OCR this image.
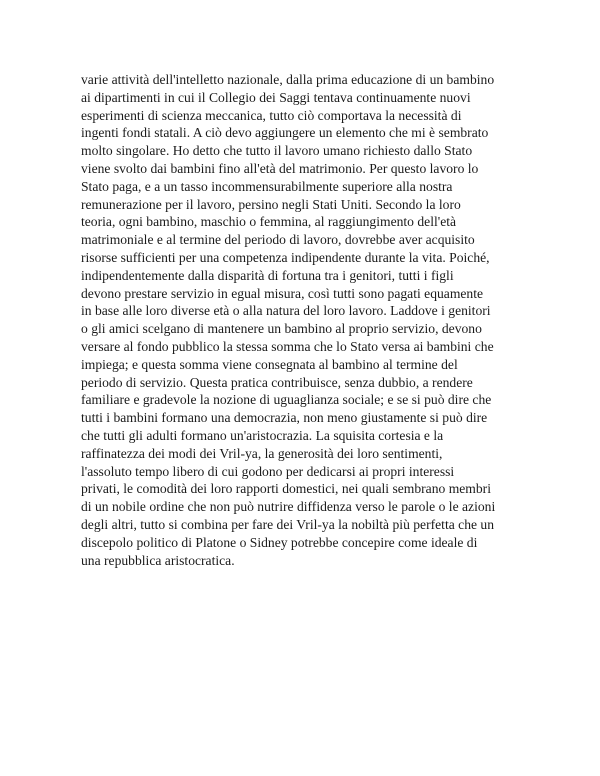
varie attività dell'intelletto nazionale, dalla prima educazione di un bambino
ai dipartimenti in cui il Collegio dei Saggi tentava continuamente nuovi
esperimenti di scienza meccanica, tutto ciò comportava la necessità di
ingenti fondi statali. A ciò devo aggiungere un elemento che mi è sembrato
molto singolare. Ho detto che tutto il lavoro umano richiesto dallo Stato
viene svolto dai bambini fino all'età del matrimonio. Per questo lavoro lo
Stato paga, e a un tasso incommensurabilmente superiore alla nostra
remunerazione per il lavoro, persino negli Stati Uniti. Secondo la loro
teoria, ogni bambino, maschio o femmina, al raggiungimento dell'età
matrimoniale e al termine del periodo di lavoro, dovrebbe aver acquisito
risorse sufficienti per una competenza indipendente durante la vita. Poiché,
indipendentemente dalla disparità di fortuna tra i genitori, tutti i figli
devono prestare servizio in egual misura, così tutti sono pagati equamente
in base alle loro diverse età o alla natura del loro lavoro. Laddove i genitori
o gli amici scelgano di mantenere un bambino al proprio servizio, devono
versare al fondo pubblico la stessa somma che lo Stato versa ai bambini che
impiega; e questa somma viene consegnata al bambino al termine del
periodo di servizio. Questa pratica contribuisce, senza dubbio, a rendere
familiare e gradevole la nozione di uguaglianza sociale; e se si può dire che
tutti i bambini formano una democrazia, non meno giustamente si può dire
che tutti gli adulti formano un'aristocrazia. La squisita cortesia e la
raffinatezza dei modi dei Vril-ya, la generosità dei loro sentimenti,
l'assoluto tempo libero di cui godono per dedicarsi ai propri interessi
privati, le comodità dei loro rapporti domestici, nei quali sembrano membri
di un nobile ordine che non può nutrire diffidenza verso le parole o le azioni
degli altri, tutto si combina per fare dei Vril-ya la nobiltà più perfetta che un
discepolo politico di Platone o Sidney potrebbe concepire come ideale di
una repubblica aristocratica.
